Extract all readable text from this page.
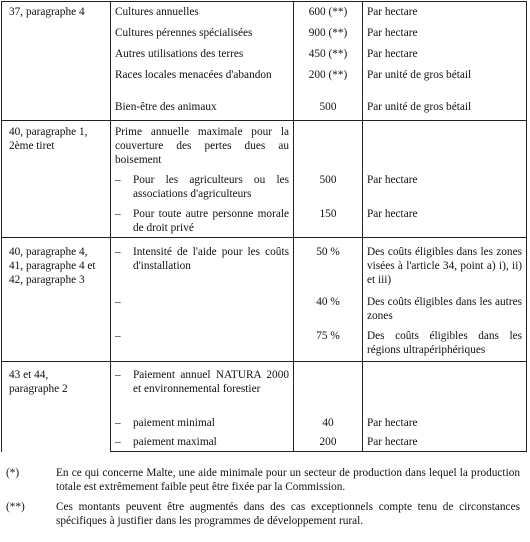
37, paragraphe 4	Cultures annuelles	600 (**)	Par hectare
	Cultures pérennes spécialisées	900 (**)	Par hectare
	Autres utilisations des terres	450 (**)	Par hectare
	Races locales menacées d'abandon	200 (**)	Par unité de gros bétail
	Bien-être des animaux	500	Par unité de gros bétail

40, paragraphe 1,
2ème tiret	Prime annuelle maximale pour la couverture des pertes dues au boisement		

	– Pour les agriculteurs ou les associations d'agriculteurs	500	Par hectare

	– Pour toute autre personne morale de droit privé	150	Par hectare

40, paragraphe 4,
41, paragraphe 4 et
42, paragraphe 3	– Intensité de l'aide pour les coûts d'installation	50 %	Des coûts éligibles dans les zones visées à l'article 34, point a) i), ii) et iii)

	–	40 %	Des coûts éligibles dans les autres zones

	–	75 %	Des coûts éligibles dans les régions ultrapériphériques

43 et 44,
paragraphe 2	– Paiement annuel NATURA 2000 et environnemental forestier		

	– paiement minimal	40	Par hectare

	– paiement maximal	200	Par hectare
(*)	En ce qui concerne Malte, une aide minimale pour un secteur de production dans lequel la production totale est extrêmement faible peut être fixée par la Commission.
(**)	Ces montants peuvent être augmentés dans des cas exceptionnels compte tenu de circonstances spécifiques à justifier dans les programmes de développement rural.
